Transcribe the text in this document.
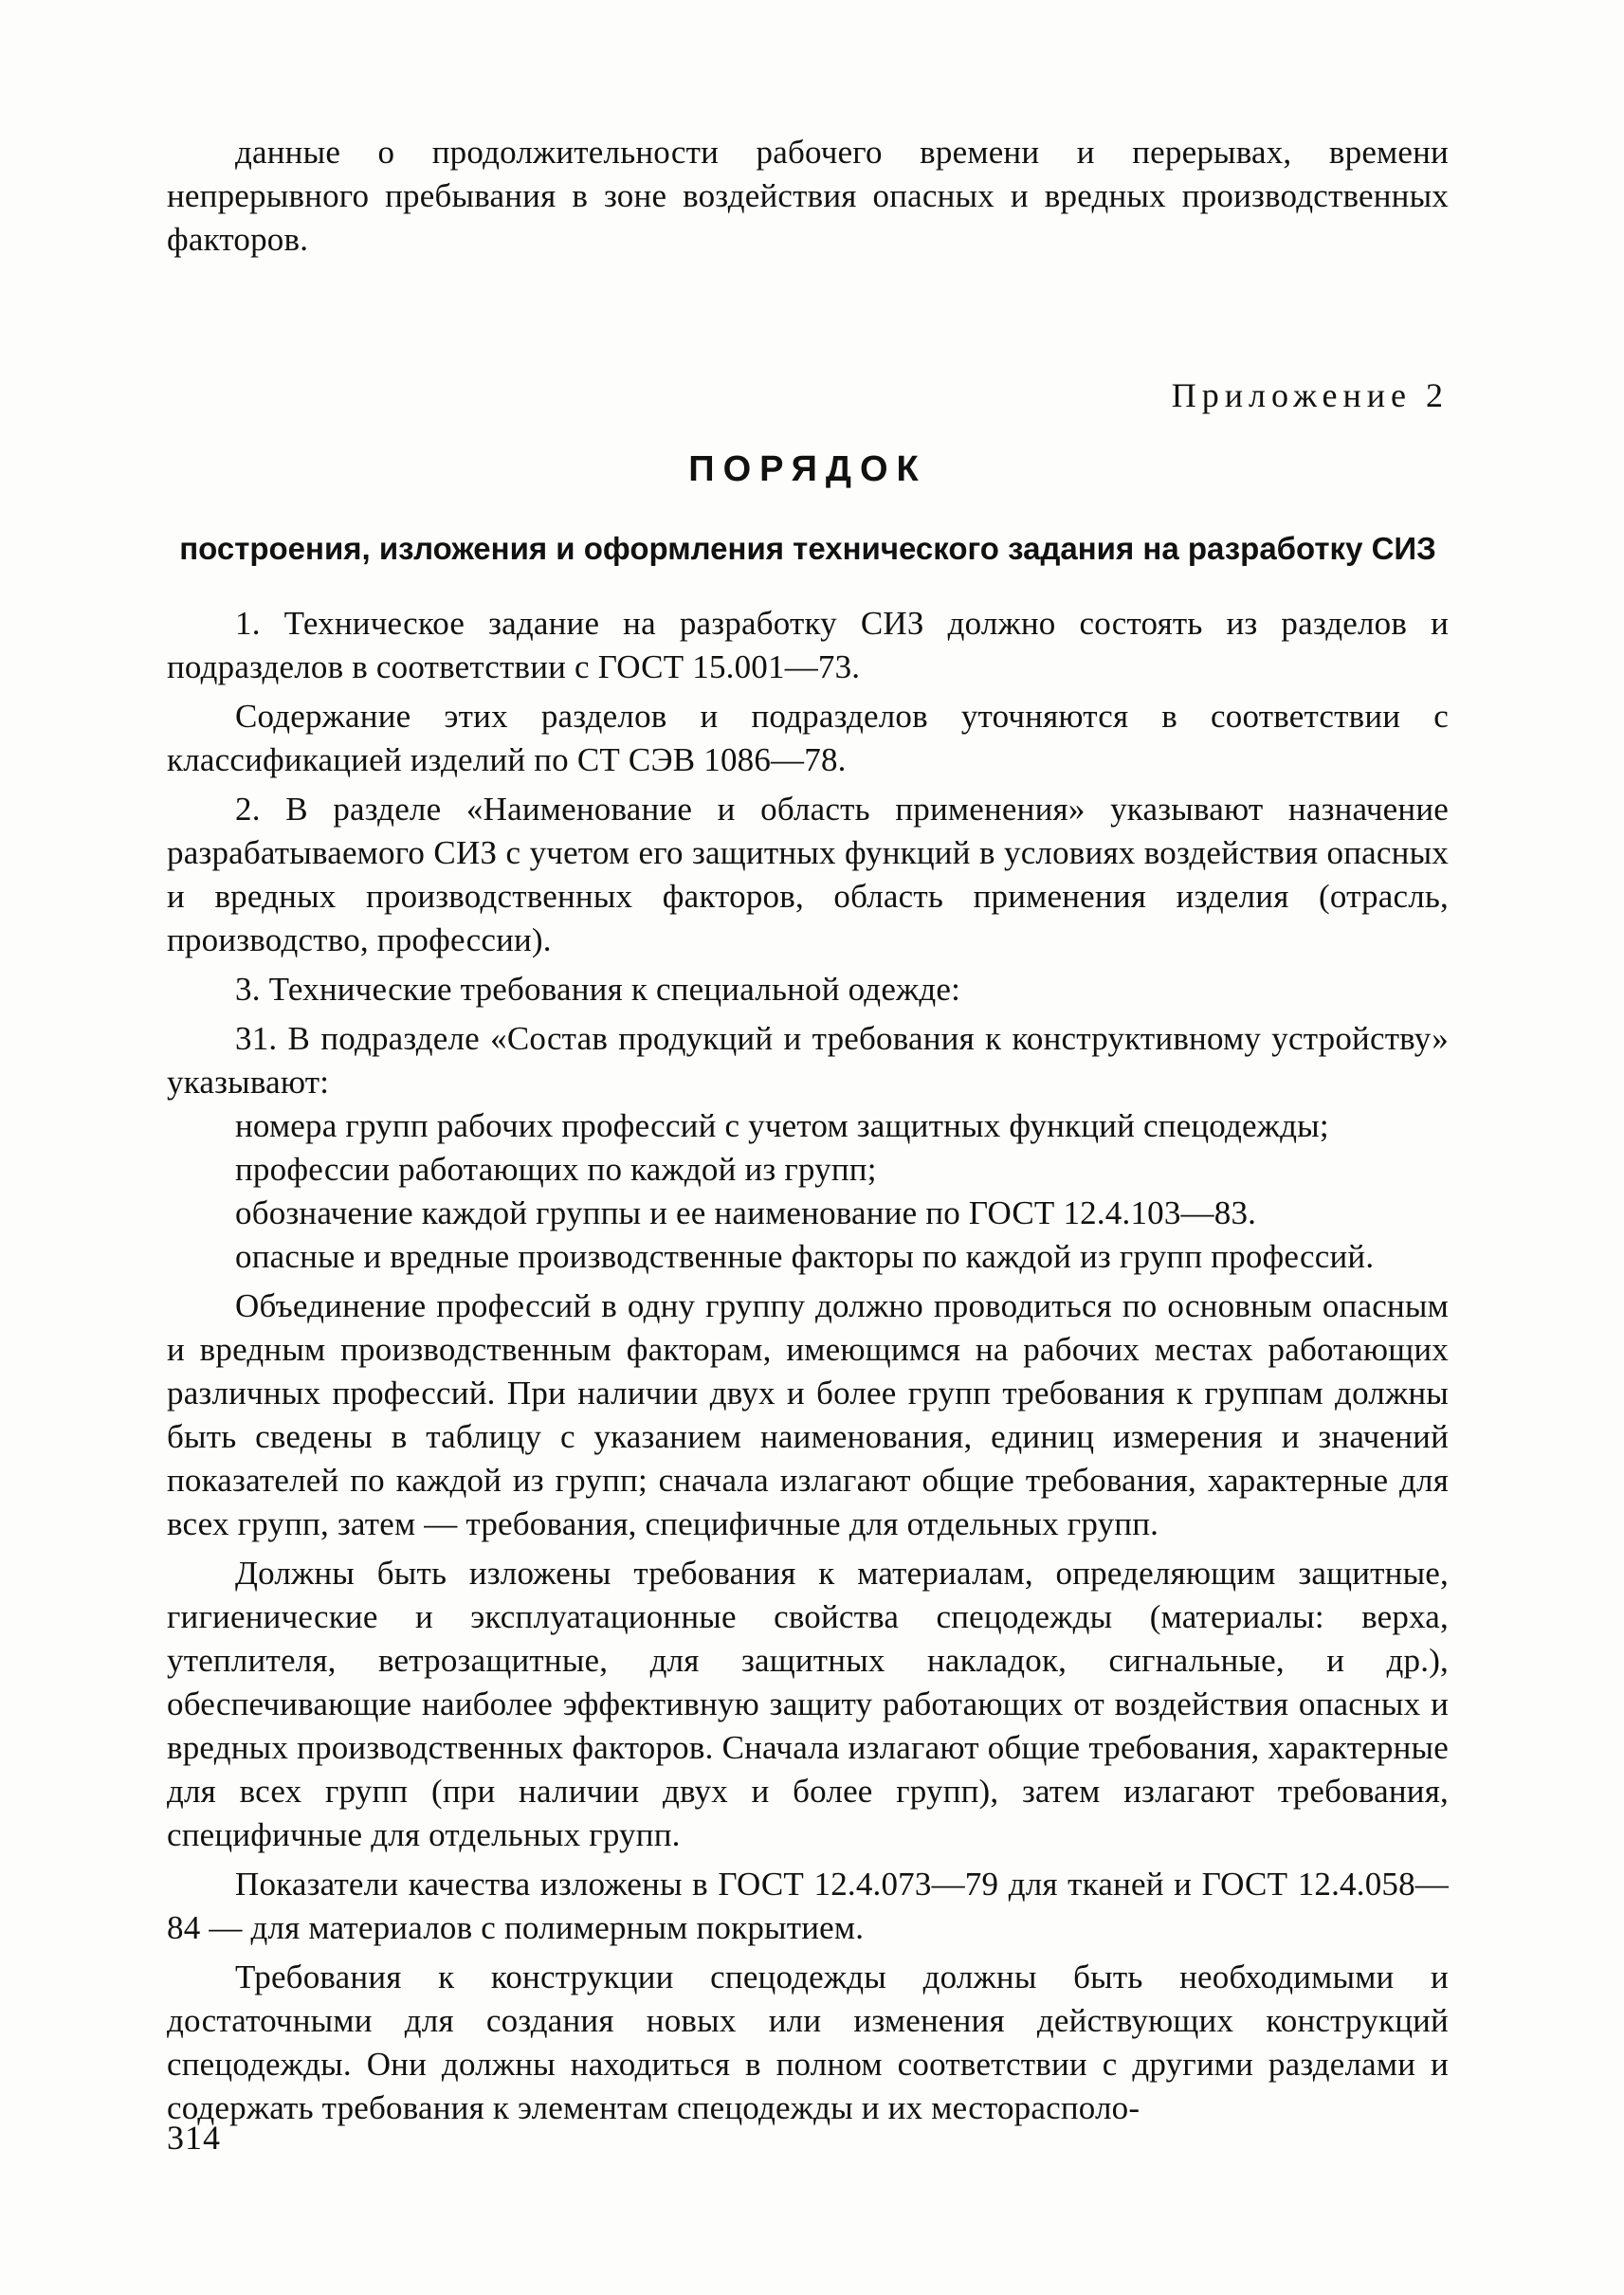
данные о продолжительности рабочего времени и перерывах, времени непрерывного пребывания в зоне воздействия опасных и вредных производственных факторов.

Приложение 2

ПОРЯДОК
построения, изложения и оформления технического задания на разработку СИЗ

1. Техническое задание на разработку СИЗ должно состоять из разделов и подразделов в соответствии с ГОСТ 15.001—73.

Содержание этих разделов и подразделов уточняются в соответствии с классификацией изделий по СТ СЭВ 1086—78.

2. В разделе «Наименование и область применения» указывают назначение разрабатываемого СИЗ с учетом его защитных функций в условиях воздействия опасных и вредных производственных факторов, область применения изделия (отрасль, производство, профессии).

3. Технические требования к специальной одежде:

31. В подразделе «Состав продукций и требования к конструктивному устройству» указывают:

номера групп рабочих профессий с учетом защитных функций спецодежды;

профессии работающих по каждой из групп;

обозначение каждой группы и ее наименование по ГОСТ 12.4.103—83.

опасные и вредные производственные факторы по каждой из групп профессий.

Объединение профессий в одну группу должно проводиться по основным опасным и вредным производственным факторам, имеющимся на рабочих местах работающих различных профессий. При наличии двух и более групп требования к группам должны быть сведены в таблицу с указанием наименования, единиц измерения и значений показателей по каждой из групп; сначала излагают общие требования, характерные для всех групп, затем — требования, специфичные для отдельных групп.

Должны быть изложены требования к материалам, определяющим защитные, гигиенические и эксплуатационные свойства спецодежды (материалы: верха, утеплителя, ветрозащитные, для защитных накладок, сигнальные, и др.), обеспечивающие наиболее эффективную защиту работающих от воздействия опасных и вредных производственных факторов. Сначала излагают общие требования, характерные для всех групп (при наличии двух и более групп), затем излагают требования, специфичные для отдельных групп.

Показатели качества изложены в ГОСТ 12.4.073—79 для тканей и ГОСТ 12.4.058—84 — для материалов с полимерным покрытием.

Требования к конструкции спецодежды должны быть необходимыми и достаточными для создания новых или изменения действующих конструкций спецодежды. Они должны находиться в полном соответствии с другими разделами и содержать требования к элементам спецодежды и их месторасполо-

314
